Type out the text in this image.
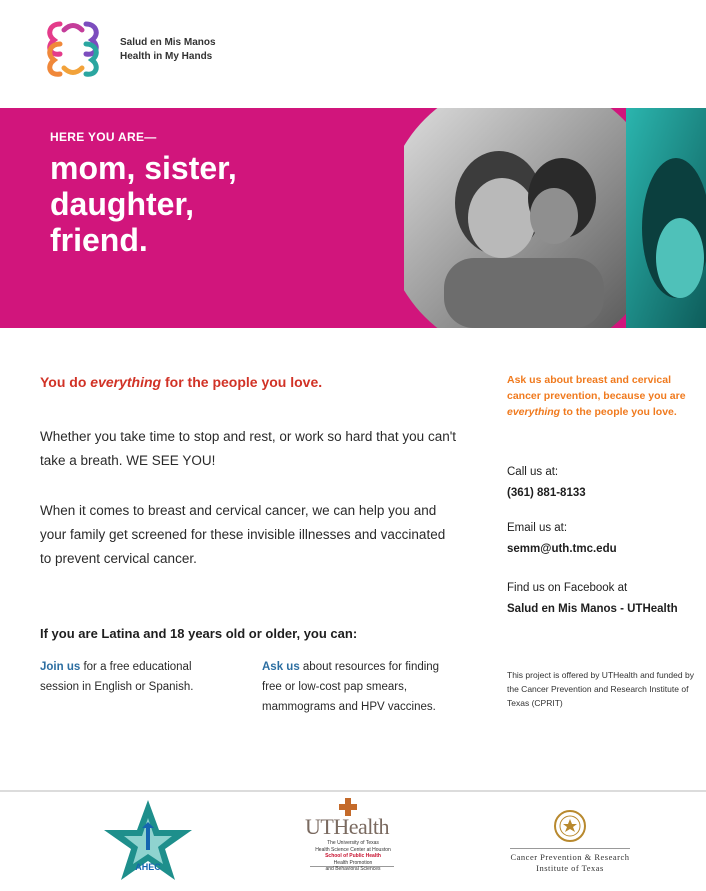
Salud en Mis Manos
Health in My Hands
HERE YOU ARE—
mom, sister,
daughter,
friend.
You do everything for the people you love.

Whether you take time to stop and rest, or work so hard that you can't take a breath. WE SEE YOU!

When it comes to breast and cervical cancer, we can help you and your family get screened for these invisible illnesses and vaccinated to prevent cervical cancer.

If you are Latina and 18 years old or older, you can:
Join us for a free educational session in English or Spanish.
Ask us about resources for finding free or low-cost pap smears, mammograms and HPV vaccines.
Ask us about breast and cervical cancer prevention, because you are everything to the people you love.
Call us at:
(361) 881-8133
Email us at:
semm@uth.tmc.edu
Find us on Facebook at
Salud en Mis Manos - UTHealth
This project is offered by UTHealth and funded by the Cancer Prevention and Research Institute of Texas (CPRIT)
AHEC
UTHealth
The University of Texas
Health Science Center at Houston
School of Public Health
Health Promotion
and Behavioral Sciences
Cancer Prevention & Research
Institute of Texas
